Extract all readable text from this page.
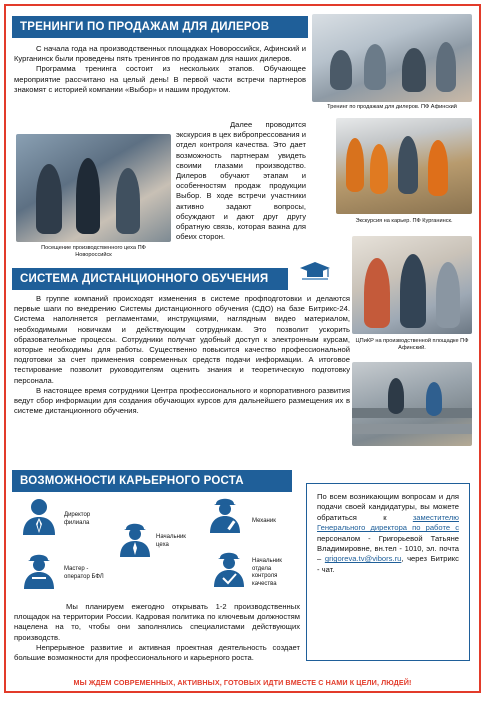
ТРЕНИНГИ ПО ПРОДАЖАМ ДЛЯ ДИЛЕРОВ

С начала года на производственных площадках Новороссийск, Афинский и Курганинск были проведены пять тренингов по продажам для наших дилеров.

Программа тренинга состоит из нескольких этапов. Обучающее мероприятие рассчитано на целый день! В первой части встречи партнеров знакомят с историей компании «Выбор» и нашим продуктом.

Тренинг по продажам для дилеров. ПФ Афинский
Посещение производственного цеха ПФ Новороссийск

Далее проводится экскурсия в цех вибропрессования и отдел контроля качества. Это дает возможность партнерам увидеть своими глазами производство. Дилеров обучают этапам и особенностям продаж продукции Выбор. В ходе встречи участники активно задают вопросы, обсуждают и дают друг другу обратную связь, которая важна для обеих сторон.

Экскурсия на карьер. ПФ Курганинск.
СИСТЕМА ДИСТАНЦИОННОГО ОБУЧЕНИЯ
ЦПиКР на производственной площадке ПФ Афинский.

В группе компаний происходят изменения в системе профподготовки и делаются первые шаги по внедрению Системы дистанционного обучения (СДО) на базе Битрикс-24. Система наполняется регламентами, инструкциями, наглядным видео материалом, необходимыми новичкам и действующим сотрудникам. Это позволит ускорить образовательные процессы. Сотрудники получат удобный доступ к электронным курсам, которые необходимы для работы. Существенно повысится качество профессиональной подготовки за счет применения современных средств подачи информации. А итоговое тестирование позволит руководителям оценить знания и теоретическую подготовку персонала.

В настоящее время сотрудники Центра профессионального и корпоративного развития ведут сбор информации для создания обучающих курсов для дальнейшего размещения их в системе дистанционного обучения.

ВОЗМОЖНОСТИ КАРЬЕРНОГО РОСТА
Директор филиала
Начальник цеха
Механик
Мастер - оператор БФЛ
Начальник отдела контроля качества

Мы планируем ежегодно открывать 1-2 производственных площадок на территории России. Кадровая политика по ключевым должностям нацелена на то, чтобы они заполнялись специалистами действующих производств.

Непрерывное развитие и активная проектная деятельность создает большие возможности для профессионального и карьерного роста.

По всем возникающим вопросам и для подачи своей кандидатуры, вы можете обратиться к	заместителю Генерального директора по работе с персоналом - Григорьевой Татьяне Владимировне, вн.тел - 1010, эл. почта – grigoreva.tv@vibors.ru, через Битрикс - чат.
МЫ ЖДЕМ СОВРЕМЕННЫХ, АКТИВНЫХ, ГОТОВЫХ ИДТИ ВМЕСТЕ С НАМИ К ЦЕЛИ, ЛЮДЕЙ!
